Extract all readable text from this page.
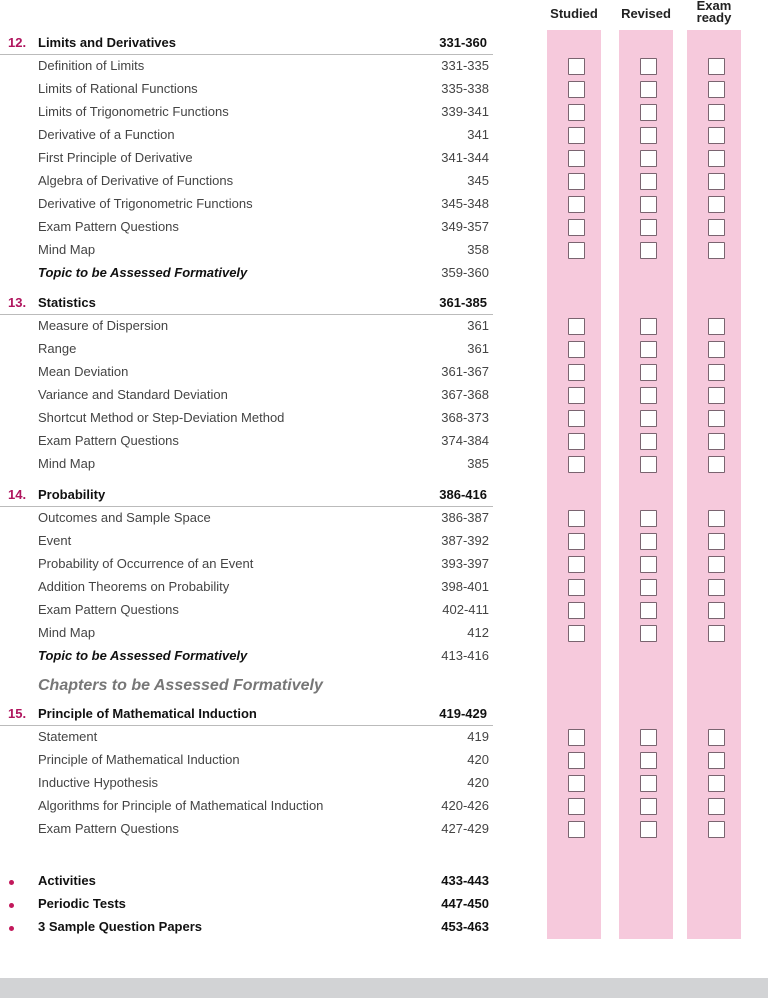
Studied	Revised
Exam
ready
12. Limits and Derivatives	331-360
Definition of Limits	331-335
Limits of Rational Functions	335-338
Limits of Trigonometric Functions	339-341
Derivative of a Function	341
First Principle of Derivative	341-344
Algebra of Derivative of Functions	345
Derivative of Trigonometric Functions	345-348
Exam Pattern Questions	349-357
Mind Map	358
Topic to be Assessed Formatively	359-360
13. Statistics	361-385
Measure of Dispersion	361
Range	361
Mean Deviation	361-367
Variance and Standard Deviation	367-368
Shortcut Method or Step-Deviation Method	368-373
Exam Pattern Questions	374-384
Mind Map	385
14. Probability	386-416
Outcomes and Sample Space	386-387
Event	387-392
Probability of Occurrence of an Event	393-397
Addition Theorems on Probability	398-401
Exam Pattern Questions	402-411
Mind Map	412
Topic to be Assessed Formatively	413-416
Chapters to be Assessed Formatively
15. Principle of Mathematical Induction	419-429
Statement	419
Principle of Mathematical Induction	420
Inductive Hypothesis	420
Algorithms for Principle of Mathematical Induction	420-426
Exam Pattern Questions	427-429
Activities	433-443
Periodic Tests	447-450
3 Sample Question Papers	453-463
